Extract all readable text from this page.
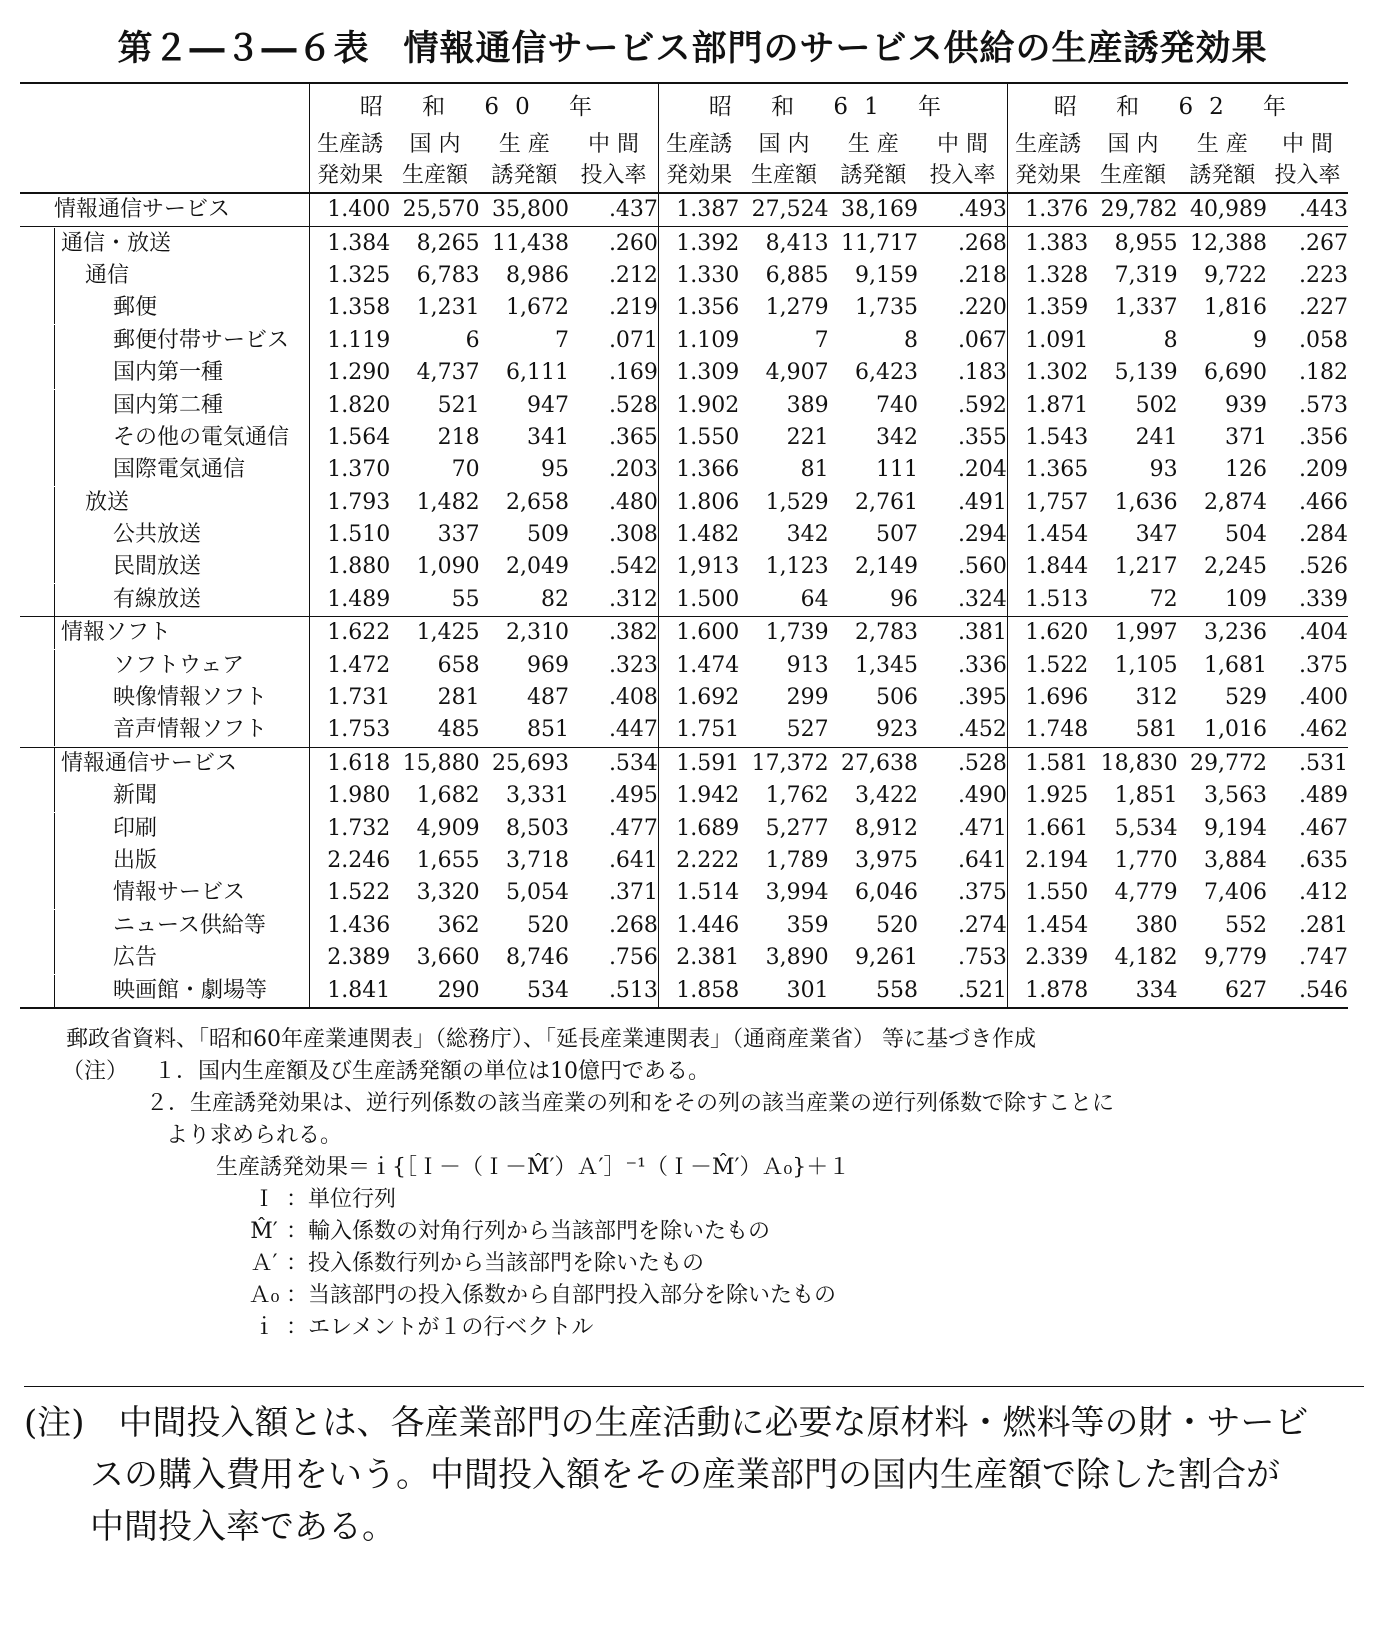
第２―３―６表 情報通信サービス部門のサービス供給の生産誘発効果
	昭 和 60 年				昭 和 61 年				昭 和 62 年			
	生産誘	国 内	生 産	中 間	生産誘	国 内	生 産	中 間	生産誘	国 内	生 産	中 間
	発効果	生産額	誘発額	投入率	発効果	生産額	誘発額	投入率	発効果	生産額	誘発額	投入率
情報通信サービス	1.400	25,570	35,800	.437	1.387	27,524	38,169	.493	1.376	29,782	40,989	.443
通信・放送	1.384	8,265	11,438	.260	1.392	8,413	11,717	.268	1.383	8,955	12,388	.267
通信	1.325	6,783	8,986	.212	1.330	6,885	9,159	.218	1.328	7,319	9,722	.223
郵便	1.358	1,231	1,672	.219	1.356	1,279	1,735	.220	1.359	1,337	1,816	.227
郵便付帯サービス	1.119	6	7	.071	1.109	7	8	.067	1.091	8	9	.058
国内第一種	1.290	4,737	6,111	.169	1.309	4,907	6,423	.183	1.302	5,139	6,690	.182
国内第二種	1.820	521	947	.528	1.902	389	740	.592	1.871	502	939	.573
その他の電気通信	1.564	218	341	.365	1.550	221	342	.355	1.543	241	371	.356
国際電気通信	1.370	70	95	.203	1.366	81	111	.204	1.365	93	126	.209
放送	1.793	1,482	2,658	.480	1.806	1,529	2,761	.491	1,757	1,636	2,874	.466
公共放送	1.510	337	509	.308	1.482	342	507	.294	1.454	347	504	.284
民間放送	1.880	1,090	2,049	.542	1,913	1,123	2,149	.560	1.844	1,217	2,245	.526
有線放送	1.489	55	82	.312	1.500	64	96	.324	1.513	72	109	.339
情報ソフト	1.622	1,425	2,310	.382	1.600	1,739	2,783	.381	1.620	1,997	3,236	.404
ソフトウェア	1.472	658	969	.323	1.474	913	1,345	.336	1.522	1,105	1,681	.375
映像情報ソフト	1.731	281	487	.408	1.692	299	506	.395	1.696	312	529	.400
音声情報ソフト	1.753	485	851	.447	1.751	527	923	.452	1.748	581	1,016	.462
情報通信サービス	1.618	15,880	25,693	.534	1.591	17,372	27,638	.528	1.581	18,830	29,772	.531
新聞	1.980	1,682	3,331	.495	1.942	1,762	3,422	.490	1.925	1,851	3,563	.489
印刷	1.732	4,909	8,503	.477	1.689	5,277	8,912	.471	1.661	5,534	9,194	.467
出版	2.246	1,655	3,718	.641	2.222	1,789	3,975	.641	2.194	1,770	3,884	.635
情報サービス	1.522	3,320	5,054	.371	1.514	3,994	6,046	.375	1.550	4,779	7,406	.412
ニュース供給等	1.436	362	520	.268	1.446	359	520	.274	1.454	380	552	.281
広告	2.389	3,660	8,746	.756	2.381	3,890	9,261	.753	2.339	4,182	9,779	.747
映画館・劇場等	1.841	290	534	.513	1.858	301	558	.521	1.878	334	627	.546
郵政省資料、「昭和60年産業連関表」（総務庁）、「延長産業連関表」（通商産業省） 等に基づき作成
（注） １．国内生産額及び生産誘発額の単位は10億円である。
２．生産誘発効果は、逆行列係数の該当産業の列和をその列の該当産業の逆行列係数で除すことに
より求められる。
生産誘発効果＝ｉ{［Ｉ－（Ｉ－M̂′）Ａ′］⁻¹（Ｉ－M̂′）Ａ₀}＋１
Ｉ ：単位行列
M̂′ ：輸入係数の対角行列から当該部門を除いたもの
Ａ′ ：投入係数行列から当該部門を除いたもの
Ａ₀ ：当該部門の投入係数から自部門投入部分を除いたもの
ｉ ：エレメントが１の行ベクトル
(注)　中間投入額とは、各産業部門の生産活動に必要な原材料・燃料等の財・サービ
スの購入費用をいう。中間投入額をその産業部門の国内生産額で除した割合が
中間投入率である。
